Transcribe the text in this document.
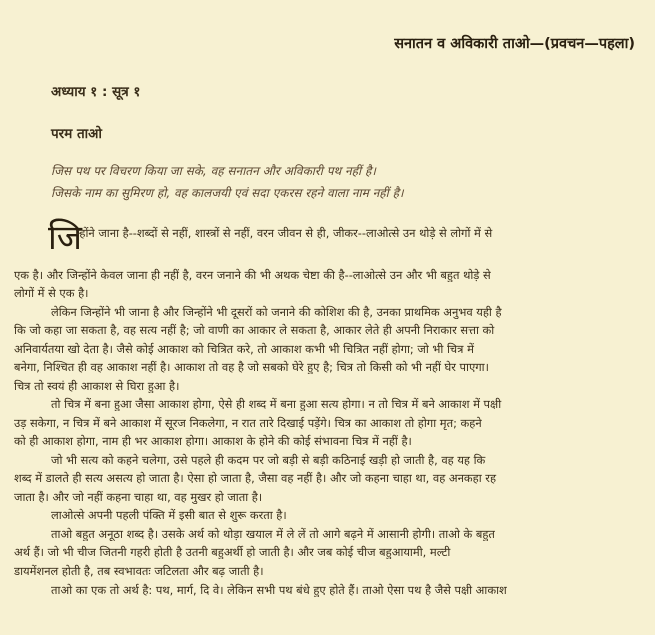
सनातन व अविकारी ताओ—(प्रवचन—पहला)
अध्याय १ : सूत्र १
परम ताओ
जिस पथ पर विचरण किया जा सके, वह सनातन और अविकारी पथ नहीं है।
जिसके नाम का सुमिरण हो, वह कालजयी एवं सदा एकरस रहने वाला नाम नहीं है।
जि
न्होंने जाना है--शब्दों से नहीं, शास्त्रों से नहीं, वरन जीवन से ही, जीकर--लाओत्से उन थोड़े से लोगों में से
एक है। और जिन्होंने केवल जाना ही नहीं है, वरन जनाने की भी अथक चेष्टा की है--लाओत्से उन और भी बहुत थोड़े से
लोगों में से एक है।
लेकिन जिन्होंने भी जाना है और जिन्होंने भी दूसरों को जनाने की कोशिश की है, उनका प्राथमिक अनुभव यही है
कि जो कहा जा सकता है, वह सत्य नहीं है; जो वाणी का आकार ले सकता है, आकार लेते ही अपनी निराकार सत्ता को
अनिवार्यतया खो देता है। जैसे कोई आकाश को चित्रित करे, तो आकाश कभी भी चित्रित नहीं होगा; जो भी चित्र में
बनेगा, निश्चित ही वह आकाश नहीं है। आकाश तो वह है जो सबको घेरे हुए है; चित्र तो किसी को भी नहीं घेर पाएगा।
चित्र तो स्वयं ही आकाश से घिरा हुआ है।
तो चित्र में बना हुआ जैसा आकाश होगा, ऐसे ही शब्द में बना हुआ सत्य होगा। न तो चित्र में बने आकाश में पक्षी
उड़ सकेगा, न चित्र में बने आकाश में सूरज निकलेगा, न रात तारे दिखाई पड़ेंगे। चित्र का आकाश तो होगा मृत; कहने
को ही आकाश होगा, नाम ही भर आकाश होगा। आकाश के होने की कोई संभावना चित्र में नहीं है।
जो भी सत्य को कहने चलेगा, उसे पहले ही कदम पर जो बड़ी से बड़ी कठिनाई खड़ी हो जाती है, वह यह कि
शब्द में डालते ही सत्य असत्य हो जाता है। ऐसा हो जाता है, जैसा वह नहीं है। और जो कहना चाहा था, वह अनकहा रह
जाता है। और जो नहीं कहना चाहा था, वह मुखर हो जाता है।
लाओत्से अपनी पहली पंक्ति में इसी बात से शुरू करता है।
ताओ बहुत अनूठा शब्द है। उसके अर्थ को थोड़ा खयाल में ले लें तो आगे बढ़ने में आसानी होगी। ताओ के बहुत
अर्थ हैं। जो भी चीज जितनी गहरी होती है उतनी बहुअर्थी हो जाती है। और जब कोई चीज बहुआयामी, मल्टी
डायमेंशनल होती है, तब स्वभावतः जटिलता और बढ़ जाती है।
ताओ का एक तो अर्थ है: पथ, मार्ग, दि वे। लेकिन सभी पथ बंधे हुए होते हैं। ताओ ऐसा पथ है जैसे पक्षी आकाश
